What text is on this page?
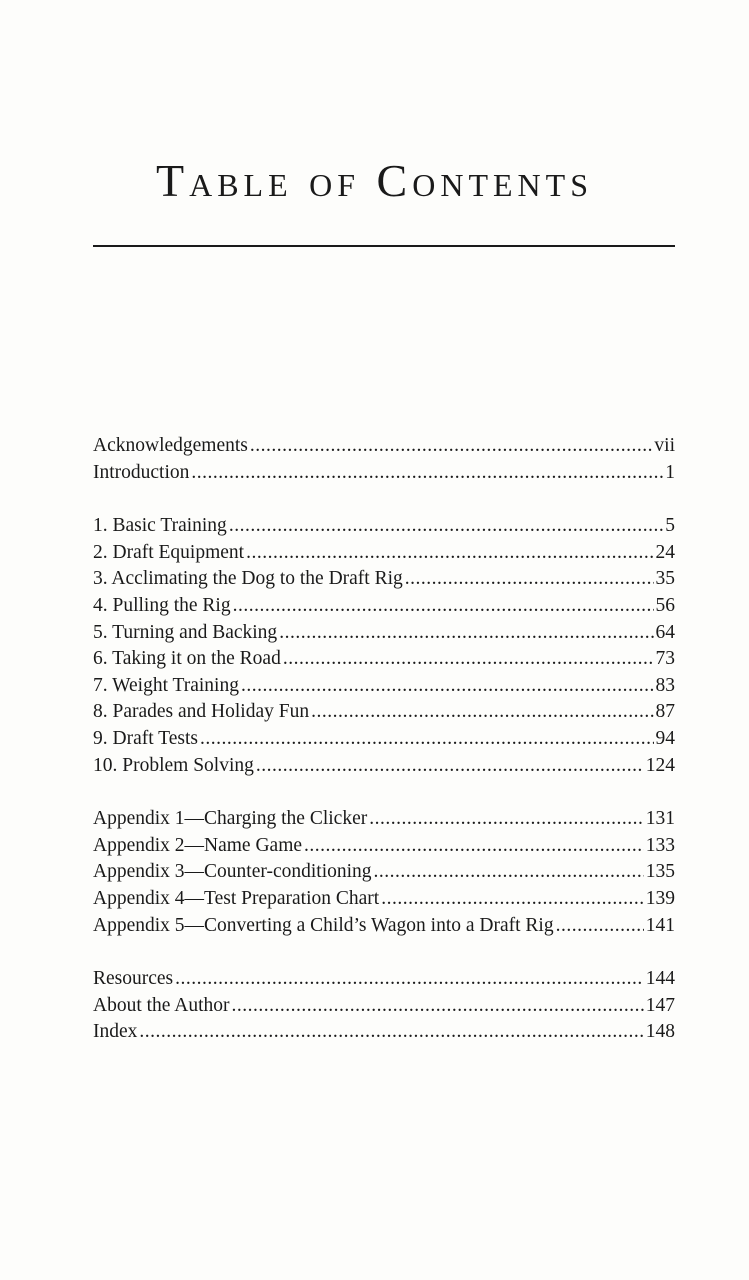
Table of Contents
Acknowledgements .....	vii
Introduction .....	1
1. Basic Training .....	5
2. Draft Equipment .....	24
3. Acclimating the Dog to the Draft Rig .....	35
4. Pulling the Rig .....	56
5. Turning and Backing .....	64
6. Taking it on the Road .....	73
7. Weight Training .....	83
8. Parades and Holiday Fun .....	87
9. Draft Tests .....	94
10. Problem Solving .....	124
Appendix 1—Charging the Clicker .....	131
Appendix 2—Name Game .....	133
Appendix 3—Counter-conditioning .....	135
Appendix 4—Test Preparation Chart .....	139
Appendix 5—Converting a Child’s Wagon into a Draft Rig .....	141
Resources .....	144
About the Author .....	147
Index .....	148
